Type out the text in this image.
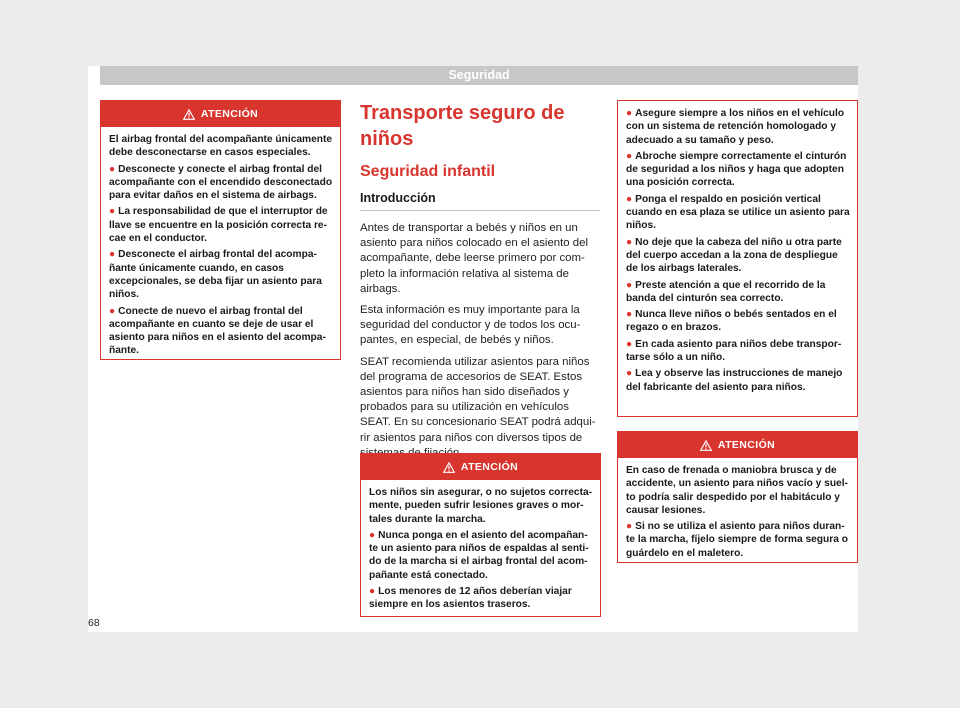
Seguridad
ATENCIÓN

El airbag frontal del acompañante únicamente debe desconectarse en casos especiales.

● Desconecte y conecte el airbag frontal del acompañante con el encendido desconectado para evitar daños en el sistema de airbags.

● La responsabilidad de que el interruptor de llave se encuentre en la posición correcta recae en el conductor.

● Desconecte el airbag frontal del acompañante únicamente cuando, en casos excepcionales, se deba fijar un asiento para niños.

● Conecte de nuevo el airbag frontal del acompañante en cuanto se deje de usar el asiento para niños en el asiento del acompañante.

Transporte seguro de niños
Seguridad infantil
Introducción

Antes de transportar a bebés y niños en un asiento para niños colocado en el asiento del acompañante, debe leerse primero por completo la información relativa al sistema de airbags.

Esta información es muy importante para la seguridad del conductor y de todos los ocupantes, en especial, de bebés y niños.

SEAT recomienda utilizar asientos para niños del programa de accesorios de SEAT. Estos asientos para niños han sido diseñados y probados para su utilización en vehículos SEAT. En su concesionario SEAT podrá adquirir asientos para niños con diversos tipos de

ATENCIÓN

Los niños sin asegurar, o no sujetos correctamente, pueden sufrir lesiones graves o mortales durante la marcha.

● Nunca ponga en el asiento del acompañante un asiento para niños de espaldas al sentido de la marcha si el airbag frontal del acompañante está conectado.

● Los menores de 12 años deberían viajar siempre en los asientos traseros.

● Asegure siempre a los niños en el vehículo con un sistema de retención homologado y adecuado a su tamaño y peso.

● Abroche siempre correctamente el cinturón de seguridad a los niños y haga que adopten una posición correcta.

● Ponga el respaldo en posición vertical cuando en esa plaza se utilice un asiento para niños.

● No deje que la cabeza del niño u otra parte del cuerpo accedan a la zona de despliegue de los airbags laterales.

● Preste atención a que el recorrido de la banda del cinturón sea correcto.

● Nunca lleve niños o bebés sentados en el regazo o en brazos.

● En cada asiento para niños debe transportarse sólo a un niño.

● Lea y observe las instrucciones de manejo del fabricante del asiento para niños.

ATENCIÓN

En caso de frenada o maniobra brusca y de accidente, un asiento para niños vacío y suelto podría salir despedido por el habitáculo y causar lesiones.

● Si no se utiliza el asiento para niños durante la marcha, fíjelo siempre de forma segura o guárdelo en el maletero.

68
